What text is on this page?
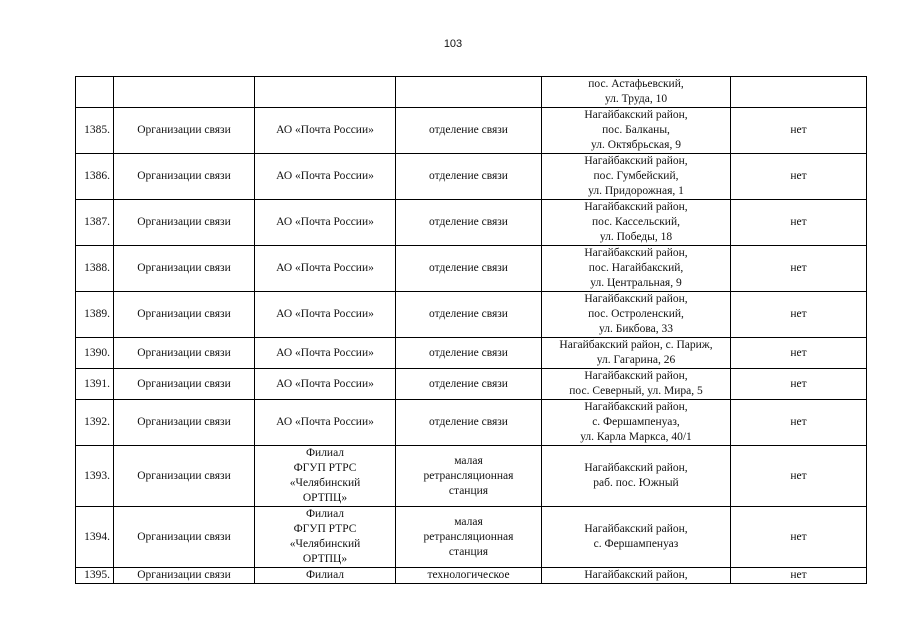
103

				пос. Астафьевский,
ул. Труда, 10	

1385.	Организации связи	АО «Почта России»	отделение связи	Нагайбакский район,
пос. Балканы,
ул. Октябрьская, 9	нет
1386.	Организации связи	АО «Почта России»	отделение связи	Нагайбакский район,
пос. Гумбейский,
ул. Придорожная, 1	нет
1387.	Организации связи	АО «Почта России»	отделение связи	Нагайбакский район,
пос. Кассельский,
ул. Победы, 18	нет
1388.	Организации связи	АО «Почта России»	отделение связи	Нагайбакский район,
пос. Нагайбакский,
ул. Центральная, 9	нет
1389.	Организации связи	АО «Почта России»	отделение связи	Нагайбакский район,
пос. Остроленский,
ул. Бикбова, 33	нет
1390.	Организации связи	АО «Почта России»	отделение связи	Нагайбакский район, с. Париж,
ул. Гагарина, 26	нет
1391.	Организации связи	АО «Почта России»	отделение связи	Нагайбакский район,
пос. Северный, ул. Мира, 5	нет
1392.	Организации связи	АО «Почта России»	отделение связи	Нагайбакский район,
с. Фершампенуаз,
ул. Карла Маркса, 40/1	нет
1393.	Организации связи	Филиал
ФГУП РТРС
«Челябинский
ОРТПЦ»	малая
ретрансляционная
станция	Нагайбакский район,
раб. пос. Южный	нет
1394.	Организации связи	Филиал
ФГУП РТРС
«Челябинский
ОРТПЦ»	малая
ретрансляционная
станция	Нагайбакский район,
с. Фершампенуаз	нет
1395.	Организации связи	Филиал	технологическое	Нагайбакский район,	нет
